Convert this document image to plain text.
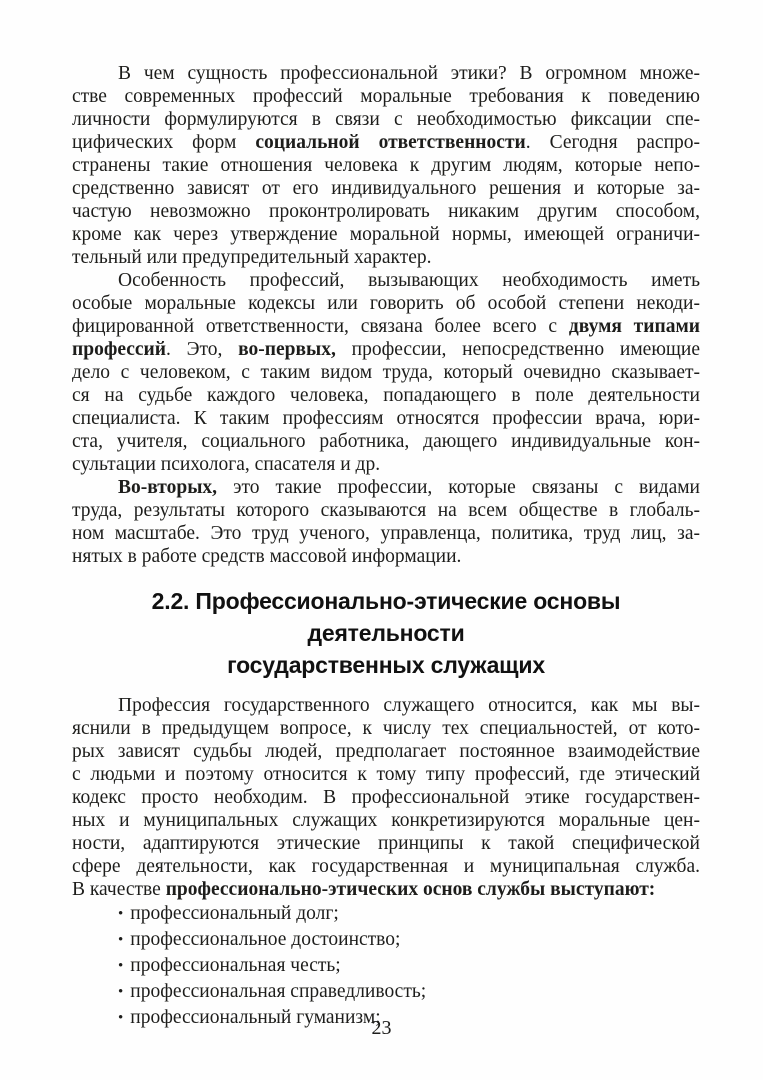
В чем сущность профессиональной этики? В огромном множе-
стве современных профессий моральные требования к поведению
личности формулируются в связи с необходимостью фиксации спе-
цифических форм социальной ответственности. Сегодня распро-
странены такие отношения человека к другим людям, которые непо-
средственно зависят от его индивидуального решения и которые за-
частую невозможно проконтролировать никаким другим способом,
кроме как через утверждение моральной нормы, имеющей ограничи-
тельный или предупредительный характер.
Особенность профессий, вызывающих необходимость иметь
особые моральные кодексы или говорить об особой степени некоди-
фицированной ответственности, связана более всего с двумя типами
профессий. Это, во-первых, профессии, непосредственно имеющие
дело с человеком, с таким видом труда, который очевидно сказывает-
ся на судьбе каждого человека, попадающего в поле деятельности
специалиста. К таким профессиям относятся профессии врача, юри-
ста, учителя, социального работника, дающего индивидуальные кон-
сультации психолога, спасателя и др.
Во-вторых, это такие профессии, которые связаны с видами
труда, результаты которого сказываются на всем обществе в глобаль-
ном масштабе. Это труд ученого, управленца, политика, труд лиц, за-
нятых в работе средств массовой информации.
2.2. Профессионально-этические основы деятельности
государственных служащих
Профессия государственного служащего относится, как мы вы-
яснили в предыдущем вопросе, к числу тех специальностей, от кото-
рых зависят судьбы людей, предполагает постоянное взаимодействие
с людьми и поэтому относится к тому типу профессий, где этический
кодекс просто необходим. В профессиональной этике государствен-
ных и муниципальных служащих конкретизируются моральные цен-
ности, адаптируются этические принципы к такой специфической
сфере деятельности, как государственная и муниципальная служба.
В качестве профессионально-этических основ службы выступают:
• профессиональный долг;
• профессиональное достоинство;
• профессиональная честь;
• профессиональная справедливость;
• профессиональный гуманизм;
23
